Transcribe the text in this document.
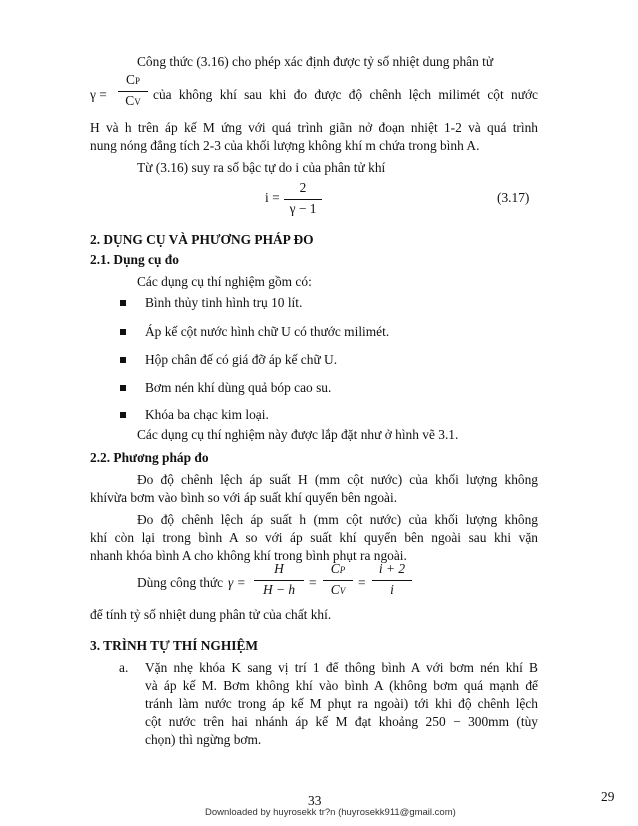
Công thức (3.16) cho phép xác định được tỷ số nhiệt dung phân tử
γ =
CP
CV của không khí sau khi đo được độ chênh lệch milimét cột nước
H và h trên áp kế M ứng với quá trình giãn nở đoạn nhiệt 1-2 và quá trình
nung nóng đẳng tích 2-3 của khối lượng không khí m chứa trong bình A.
Từ (3.16) suy ra số bậc tự do i của phân tử khí
i =
2
γ − 1
(3.17)
2. DỤNG CỤ VÀ PHƯƠNG PHÁP ĐO
2.1. Dụng cụ đo
Các dụng cụ thí nghiệm gồm có:
Bình thủy tinh hình trụ 10 lít.
Áp kế cột nước hình chữ U có thước milimét.
Hộp chân đế có giá đỡ áp kế chữ U.
Bơm nén khí dùng quả bóp cao su.
Khóa ba chạc kim loại.
Các dụng cụ thí nghiệm này được lắp đặt như ở hình vẽ 3.1.
2.2. Phương pháp đo
Đo độ chênh lệch áp suất H (mm cột nước) của khối lượng không
khívừa bơm vào bình so với áp suất khí quyển bên ngoài.
Đo độ chênh lệch áp suất h (mm cột nước) của khối lượng không
khí còn lại trong bình A so với áp suất khí quyển bên ngoài sau khi vặn
nhanh khóa bình A cho không khí trong bình phụt ra ngoài.
Dùng công thức γ =
H
H − h	=
CP
CV
=
i + 2
i
để tính tỷ số nhiệt dung phân tử của chất khí.
3. TRÌNH TỰ THÍ NGHIỆM
a. Vặn nhẹ khóa K sang vị trí 1 để thông bình A với bơm nén khí B
và áp kế M. Bơm không khí vào bình A (không bơm quá mạnh để
tránh làm nước trong áp kế M phụt ra ngoài) tới khi độ chênh lệch
cột nước trên hai nhánh áp kế M đạt khoảng 250 − 300mm (tùy
chọn) thì ngừng bơm.
33	29
Downloaded by huyrosekk tr?n (huyrosekk911@gmail.com)
